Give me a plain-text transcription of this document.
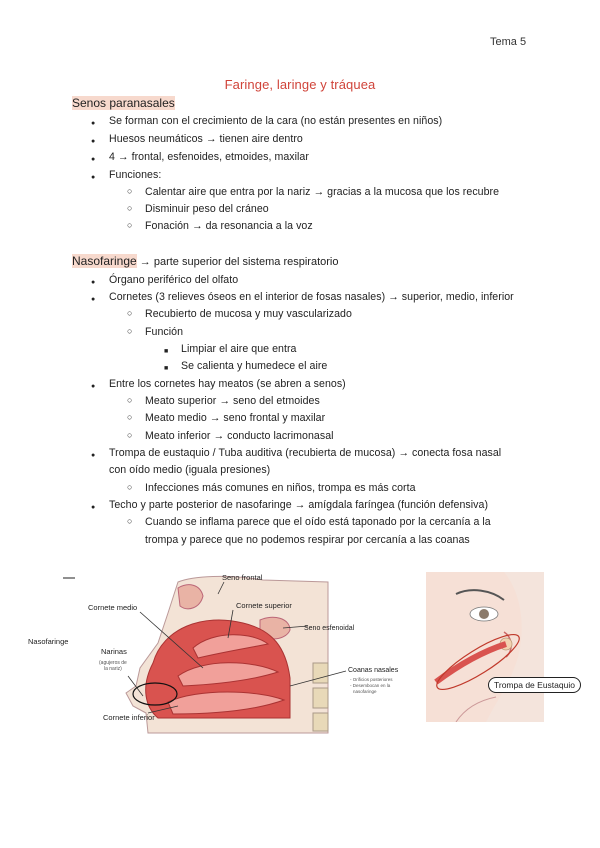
Tema 5
Faringe, laringe y tráquea
Senos paranasales
●
Se forman con el crecimiento de la cara (no están presentes en niños)
●
Huesos neumáticos → tienen aire dentro
●
4 → frontal, esfenoides, etmoides, maxilar
●
Funciones:
○
Calentar aire que entra por la nariz → gracias a la mucosa que los recubre
○
Disminuir peso del cráneo
○
Fonación → da resonancia a la voz
Nasofaringe → parte superior del sistema respiratorio
●
Órgano periférico del olfato
●
Cornetes (3 relieves óseos en el interior de fosas nasales) → superior, medio, inferior
○
Recubierto de mucosa y muy vascularizado
○
Función
■
Limpiar el aire que entra
■
Se calienta y humedece el aire
●
Entre los cornetes hay meatos (se abren a senos)
○
Meato superior → seno del etmoides
○
Meato medio → seno frontal y maxilar
○
Meato inferior → conducto lacrimonasal
●
Trompa de eustaquio / Tuba auditiva (recubierta de mucosa) → conecta fosa nasal
con oído medio (iguala presiones)
○
Infecciones más comunes en niños, trompa es más corta
●
Techo y parte posterior de nasofaringe → amígdala faríngea (función defensiva)
○
Cuando se inflama parece que el oído está taponado por la cercanía a la
trompa y parece que no podemos respirar por cercanía a las coanas
Nasofaringe
Seno frontal
Cornete superior
Cornete medio
Seno esfenoidal
Narinas
(agujeros de
la nariz)	Coanas nasales
- Orificios posteriores
- Desembocan en la
nasofaringe
Cornete inferior
Trompa de Eustaquio
